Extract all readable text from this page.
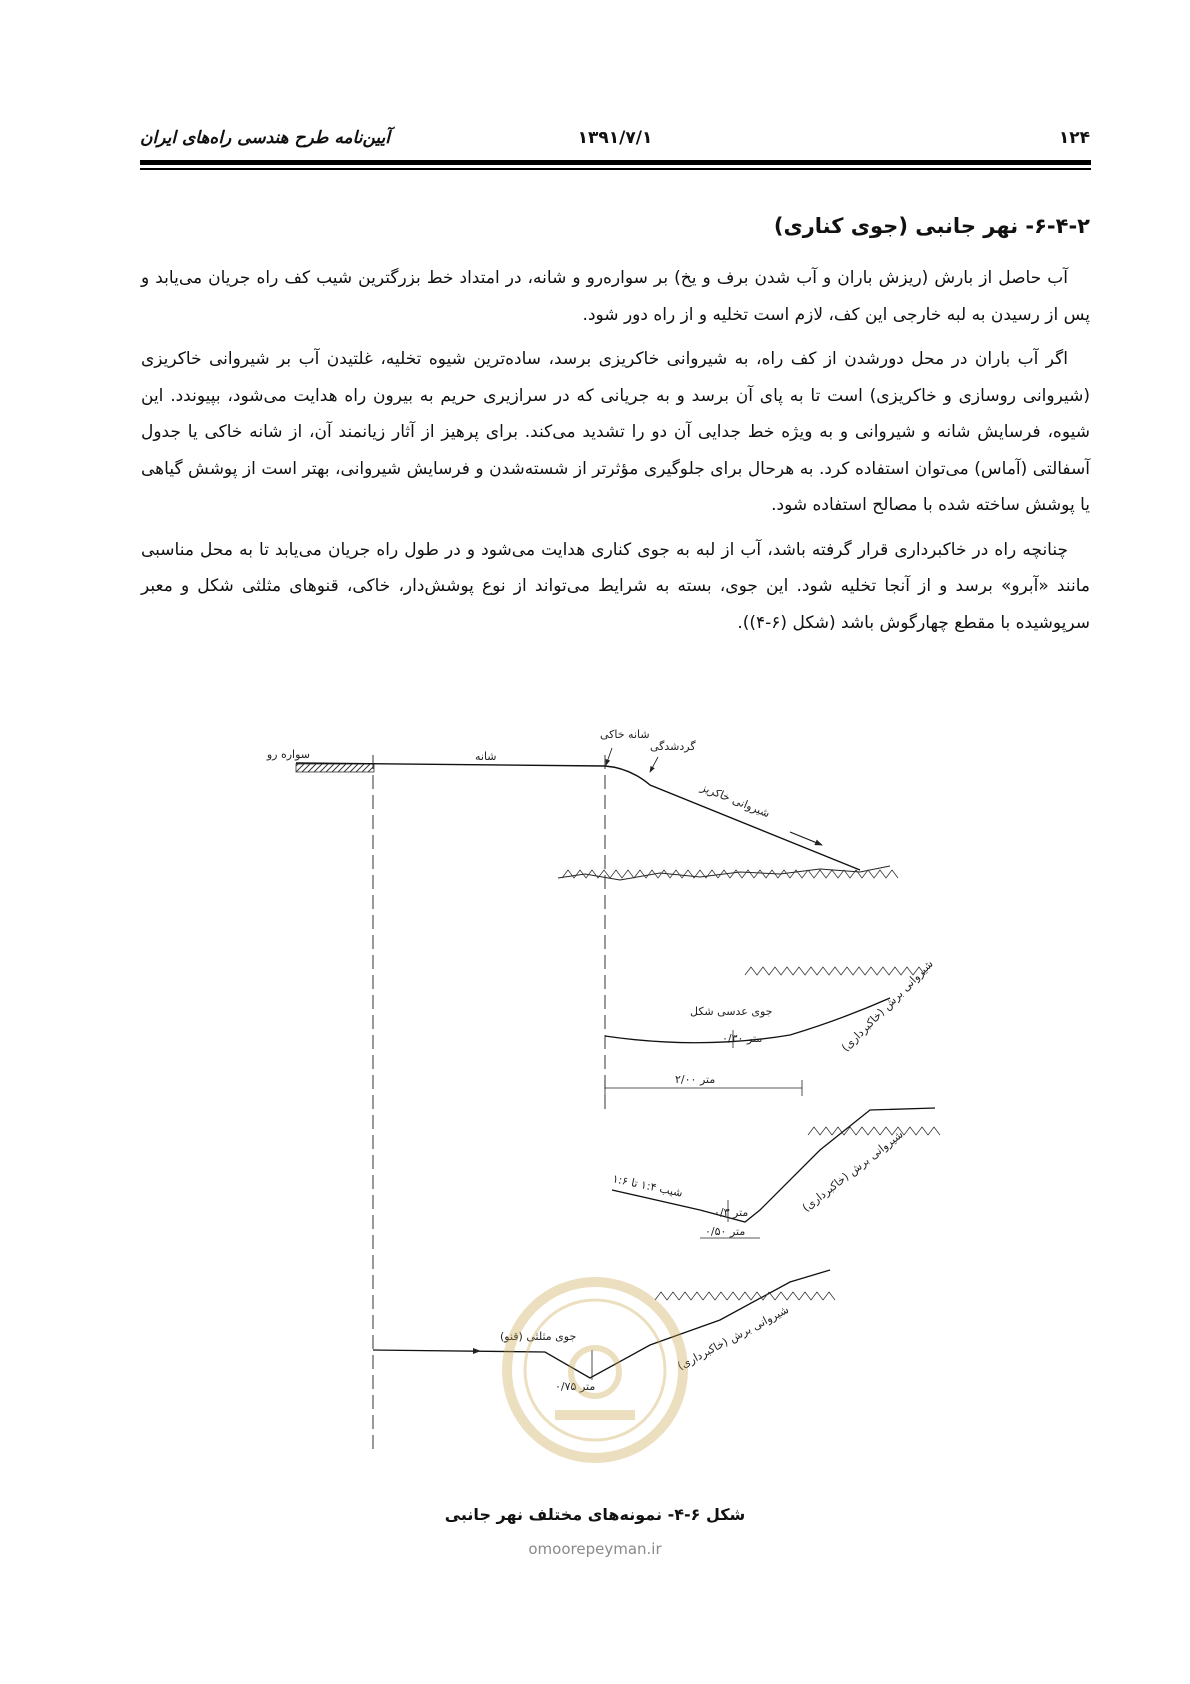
۱۲۴
۱۳۹۱/۷/۱
آیین‌نامه طرح هندسی راه‌های ایران
۶-۴-۲- نهر جانبی (جوی کناری)

آب حاصل از بارش (ریزش باران و آب شدن برف و یخ) بر سواره‌رو و شانه، در امتداد خط بزرگترین شیب کف راه جریان می‌یابد و پس از رسیدن به لبه خارجی این کف، لازم است تخلیه و از راه دور شود.

اگر آب باران در محل دورشدن از کف راه، به شیروانی خاکریزی برسد، ساده‌ترین شیوه تخلیه، غلتیدن آب بر شیروانی خاکریزی (شیروانی روسازی و خاکریزی) است تا به پای آن برسد و به جریانی که در سرازیری حریم به بیرون راه هدایت می‌شود، بپیوندد. این شیوه، فرسایش شانه و شیروانی و به ویژه خط جدایی آن دو را تشدید می‌کند. برای پرهیز از آثار زیانمند آن، از شانه خاکی یا جدول آسفالتی (آماس) می‌توان استفاده کرد. به هرحال برای جلوگیری مؤثرتر از شسته‌شدن و فرسایش شیروانی، بهتر است از پوشش گیاهی یا پوشش ساخته شده با مصالح استفاده شود.

چنانچه راه در خاکبرداری قرار گرفته باشد، آب از لبه به جوی کناری هدایت می‌شود و در طول راه جریان می‌یابد تا به محل مناسبی مانند «آبرو» برسد و از آنجا تخلیه شود. این جوی، بسته به شرایط می‌تواند از نوع پوشش‌دار، خاکی، قنوهای مثلثی شکل و معبر سرپوشیده با مقطع چهارگوش باشد (شکل (۶-۴)).

سواره رو	شانه
شانه خاکی
گردشدگی
شیروانی خاکریز
جوی عدسی شکل
۰/۳۰ متر
۲/۰۰ متر
شیروانی برش (خاکبرداری)
شیب ۱:۴ تا ۱:۶
۰/۳ متر
۰/۵۰ متر
شیروانی برش (خاکبرداری)
جوی مثلثی (قنو)
۰/۷۵ متر
شیروانی برش (خاکبرداری)
شکل ۶-۴- نمونه‌های مختلف نهر جانبی
omoorepeyman.ir
